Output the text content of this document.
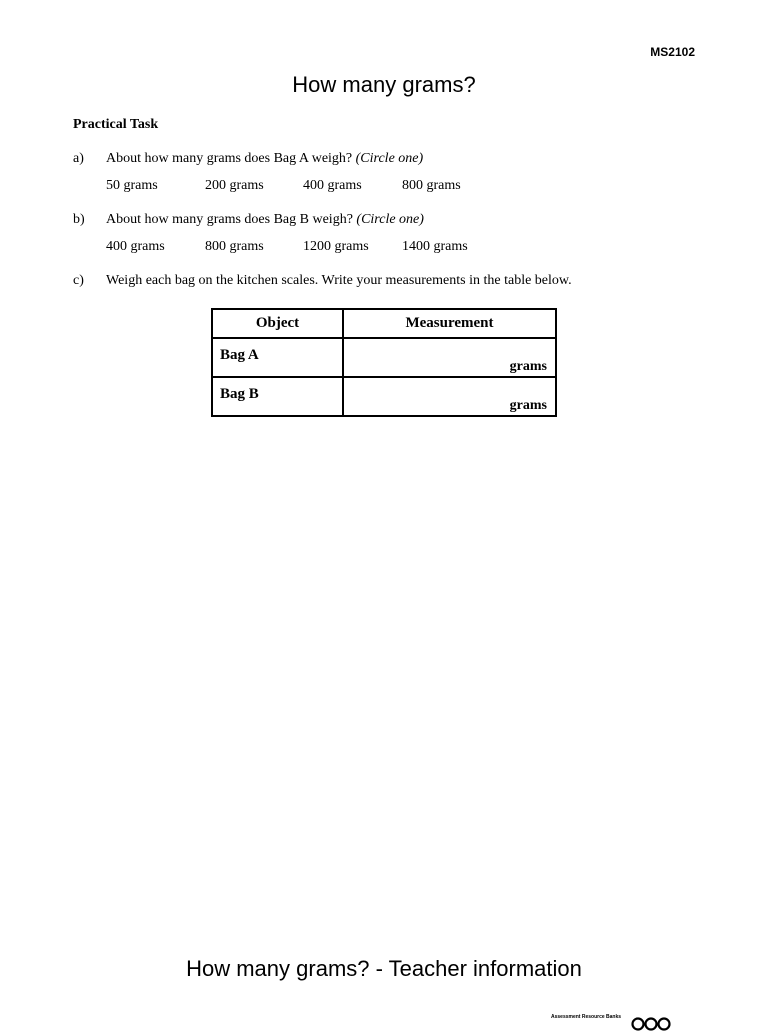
MS2102
How many grams?
Practical Task
a) About how many grams does Bag A weigh? (Circle one)
50 grams	200 grams	400 grams	800 grams
b) About how many grams does Bag B weigh? (Circle one)
400 grams	800 grams	1200 grams 1400 grams
c) Weigh each bag on the kitchen scales. Write your measurements in the table below.
Object	Measurement
Bag A	grams

Bag B	grams
How many grams? - Teacher information
Assessment Resource Banks
